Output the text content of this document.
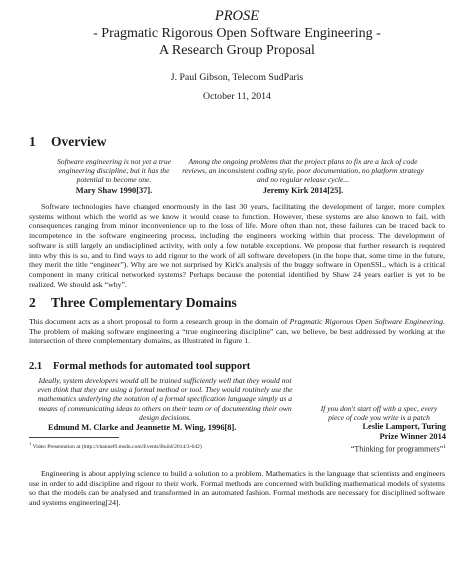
PROSE
- Pragmatic Rigorous Open Software Engineering -
A Research Group Proposal
J. Paul Gibson, Telecom SudParis
October 11, 2014
1 Overview

Software engineering is not yet a true engineering discipline, but it has the potential to become one.
Mary Shaw 1990[37].

Among the ongoing problems that the project plans to fix are a lack of code reviews, an inconsistent coding style, poor documentation, no platform strategy and no regular release cycle...
Jeremy Kirk 2014[25].

Software technologies have changed enormously in the last 30 years, facilitating the development of larger, more complex systems without which the world as we know it would cease to function. However, these systems are also known to fail, with consequences ranging from minor inconvenience up to the loss of life. More often than not, these failures can be traced back to incompetence in the software engineering process, including the engineers working within that process. The development of software is still largely an undisciplined activity, with only a few notable exceptions. We propose that further research is required into why this is so, and to find ways to add rigour to the work of all software developers (in the hope that, some time in the future, they merit the title “engineer”). Why are we not surprised by Kirk's analysis of the buggy software in OpenSSL, which is a critical component in many critical networked systems? Perhaps because the potential identified by Shaw 24 years earlier is yet to be realized. We should ask “why”.

2 Three Complementary Domains

This document acts as a short proposal to form a research group in the domain of Pragmatic Rigorous Open Software Engineering. The problem of making software engineering a “true engineering discipline” can, we believe, be best addressed by working at the intersection of three complementary domains, as illustrated in figure 1.

2.1 Formal methods for automated tool support

Ideally, system developers would all be trained sufficiently well that they would not even think that they are using a formal method or tool. They would routinely use the mathematics underlying the notation of a formal specification language simply as a means of communicating ideas to others on their team or of documenting their own design decisions.
Edmund M. Clarke and Jeannette M. Wing, 1996[8].

If you don't start off with a spec, every piece of code you write is a patch
Leslie Lamport, Turing
Prize Winner 2014
“Thinking for programmers”$^1$

$^1$ Video Presentation at (http://channel9.msdn.com/Events/Build/2014/3-642)

Engineering is about applying science to build a solution to a problem. Mathematics is the language that scientists and engineers use in order to add discipline and rigour to their work. Formal methods are concerned with building mathematical models of systems so that the models can be analysed and transformed in an automated fashion. Formal methods are necessary for disciplined software and systems engineering[24].
